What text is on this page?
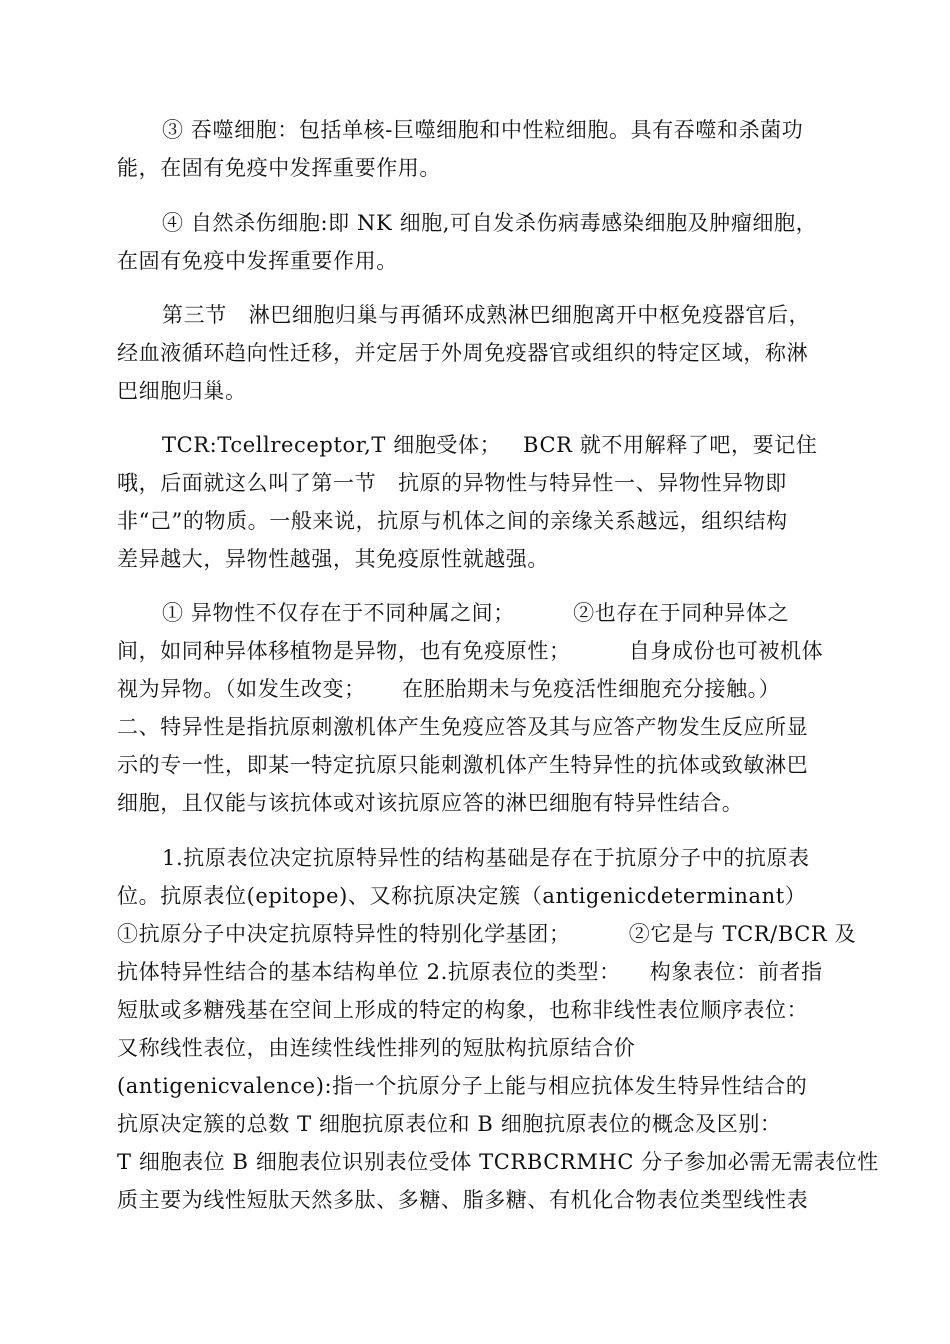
③ 吞噬细胞：包括单核-巨噬细胞和中性粒细胞。具有吞噬和杀菌功
能，在固有免疫中发挥重要作用。
④ 自然杀伤细胞:即 NK 细胞,可自发杀伤病毒感染细胞及肿瘤细胞，
在固有免疫中发挥重要作用。
第三节   淋巴细胞归巢与再循环成熟淋巴细胞离开中枢免疫器官后，
经血液循环趋向性迁移，并定居于外周免疫器官或组织的特定区域，称淋
巴细胞归巢。
TCR:Tcellreceptor,T 细胞受体；   BCR 就不用解释了吧，要记住
哦，后面就这么叫了第一节   抗原的异物性与特异性一、异物性异物即
非“己”的物质。一般来说，抗原与机体之间的亲缘关系越远，组织结构
差异越大，异物性越强，其免疫原性就越强。
① 异物性不仅存在于不同种属之间；        ②也存在于同种异体之
间，如同种异体移植物是异物，也有免疫原性；        自身成份也可被机体
视为异物。（如发生改变；     在胚胎期未与免疫活性细胞充分接触。）
二、特异性是指抗原刺激机体产生免疫应答及其与应答产物发生反应所显
示的专一性，即某一特定抗原只能刺激机体产生特异性的抗体或致敏淋巴
细胞，且仅能与该抗体或对该抗原应答的淋巴细胞有特异性结合。
1.抗原表位决定抗原特异性的结构基础是存在于抗原分子中的抗原表
位。抗原表位(epitope)、又称抗原决定簇（antigenicdeterminant）
①抗原分子中决定抗原特异性的特别化学基团；        ②它是与 TCR/BCR 及
抗体特异性结合的基本结构单位 2.抗原表位的类型：    构象表位：前者指
短肽或多糖残基在空间上形成的特定的构象，也称非线性表位顺序表位：
又称线性表位，由连续性线性排列的短肽构抗原结合价
(antigenicvalence):指一个抗原分子上能与相应抗体发生特异性结合的
抗原决定簇的总数 T 细胞抗原表位和 B 细胞抗原表位的概念及区别：
T 细胞表位 B 细胞表位识别表位受体 TCRBCRMHC 分子参加必需无需表位性
质主要为线性短肽天然多肽、多糖、脂多糖、有机化合物表位类型线性表
